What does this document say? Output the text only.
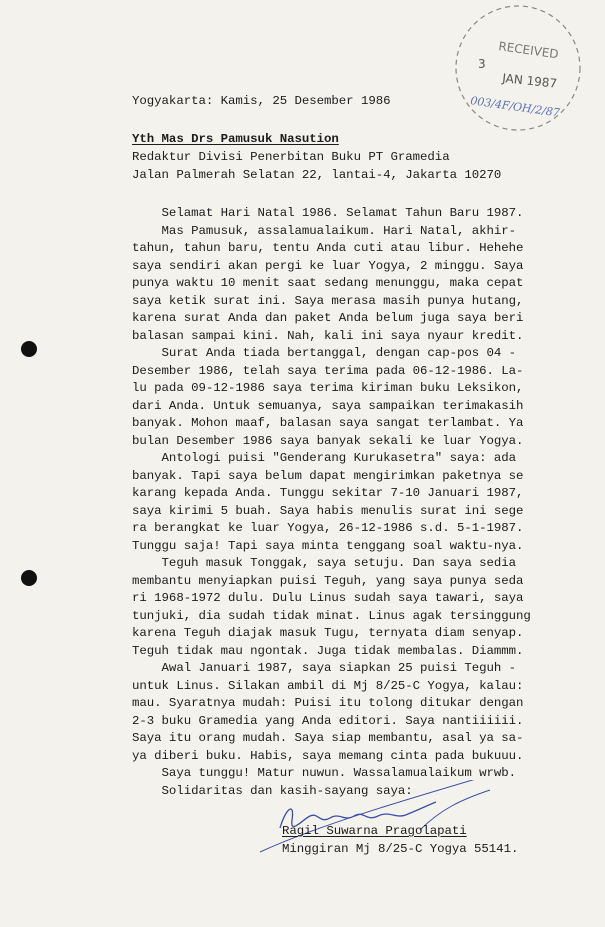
RECEIVED
3
JAN 1987
003/4F/OH/2/87
Yogyakarta: Kamis, 25 Desember 1986
Yth Mas Drs Pamusuk Nasution
Redaktur Divisi Penerbitan Buku PT Gramedia
Jalan Palmerah Selatan 22, lantai-4, Jakarta 10270
Selamat Hari Natal 1986. Selamat Tahun Baru 1987.
Mas Pamusuk, assalamualaikum. Hari Natal, akhir-
tahun, tahun baru, tentu Anda cuti atau libur. Hehehe
saya sendiri akan pergi ke luar Yogya, 2 minggu. Saya
punya waktu 10 menit saat sedang menunggu, maka cepat
saya ketik surat ini. Saya merasa masih punya hutang,
karena surat Anda dan paket Anda belum juga saya beri
balasan sampai kini. Nah, kali ini saya nyaur kredit.
Surat Anda tiada bertanggal, dengan cap-pos 04 -
Desember 1986, telah saya terima pada 06-12-1986. La-
lu pada 09-12-1986 saya terima kiriman buku Leksikon,
dari Anda. Untuk semuanya, saya sampaikan terimakasih
banyak. Mohon maaf, balasan saya sangat terlambat. Ya
bulan Desember 1986 saya banyak sekali ke luar Yogya.
Antologi puisi "Genderang Kurukasetra" saya: ada
banyak. Tapi saya belum dapat mengirimkan paketnya se
karang kepada Anda. Tunggu sekitar 7-10 Januari 1987,
saya kirimi 5 buah. Saya habis menulis surat ini sege
ra berangkat ke luar Yogya, 26-12-1986 s.d. 5-1-1987.
Tunggu saja! Tapi saya minta tenggang soal waktu-nya.
Teguh masuk Tonggak, saya setuju. Dan saya sedia
membantu menyiapkan puisi Teguh, yang saya punya seda
ri 1968-1972 dulu. Dulu Linus sudah saya tawari, saya
tunjuki, dia sudah tidak minat. Linus agak tersinggung
karena Teguh diajak masuk Tugu, ternyata diam senyap.
Teguh tidak mau ngontak. Juga tidak membalas. Diammm.
Awal Januari 1987, saya siapkan 25 puisi Teguh -
untuk Linus. Silakan ambil di Mj 8/25-C Yogya, kalau:
mau. Syaratnya mudah: Puisi itu tolong ditukar dengan
2-3 buku Gramedia yang Anda editori. Saya nantiiiiii.
Saya itu orang mudah. Saya siap membantu, asal ya sa-
ya diberi buku. Habis, saya memang cinta pada bukuuu.
Saya tunggu! Matur nuwun. Wassalamualaikum wrwb.
Solidaritas dan kasih-sayang saya:
Ragil Suwarna Pragolapati
Minggiran Mj 8/25-C Yogya 55141.
